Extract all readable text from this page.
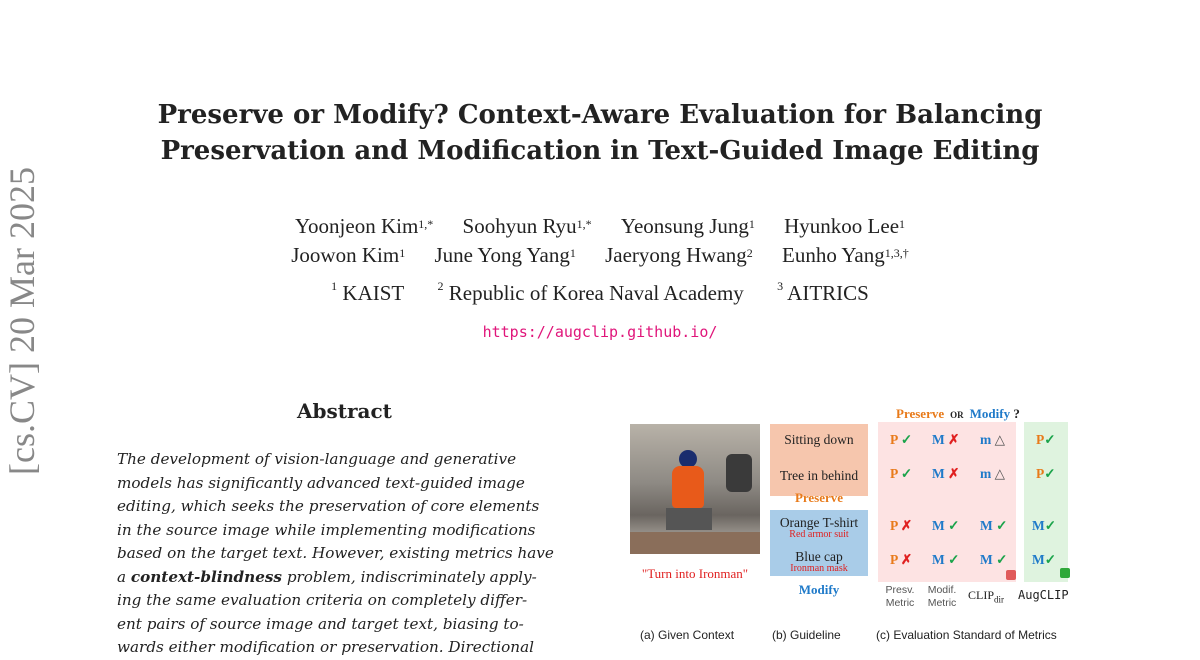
[cs.CV] 20 Mar 2025
Preserve or Modify? Context-Aware Evaluation for Balancing
Preservation and Modification in Text-Guided Image Editing
Yoonjeon Kim$^{1,*}$ Soohyun Ryu$^{1,*}$ Yeonsung Jung$^1$ Hyunkoo Lee$^1$
Joowon Kim$^1$ June Yong Yang$^1$ Jaeryong Hwang$^2$ Eunho Yang$^{1,3,\dagger}$
$^1$ KAIST	$^2$ Republic of Korea Naval Academy	$^3$ AITRICS
https://augclip.github.io/
Abstract
The development of vision-language and generative
models has significantly advanced text-guided image
editing, which seeks the preservation of core elements
in the source image while implementing modifications
based on the target text. However, existing metrics have
a context-blindness problem, indiscriminately apply-
ing the same evaluation criteria on completely differ-
ent pairs of source image and target text, biasing to-
wards either modification or preservation. Directional
Preserve OR Modify ?
"Turn into Ironman"
Sitting down
Tree in behind
Preserve
Orange T-shirt
Red armor suit
Blue cap
Ironman mask
Modify
P ✓ M ✗ m △ P✓
P ✓ M ✗ m △ P✓
P ✗ M ✓ M ✓ M✓
P ✗ M ✓ M ✓ M✓
Presv.
Metric
Modif.
Metric
$CLIP_{dir}$ AugCLIP
(a) Given Context	(b) Guideline	(c) Evaluation Standard of Metrics
